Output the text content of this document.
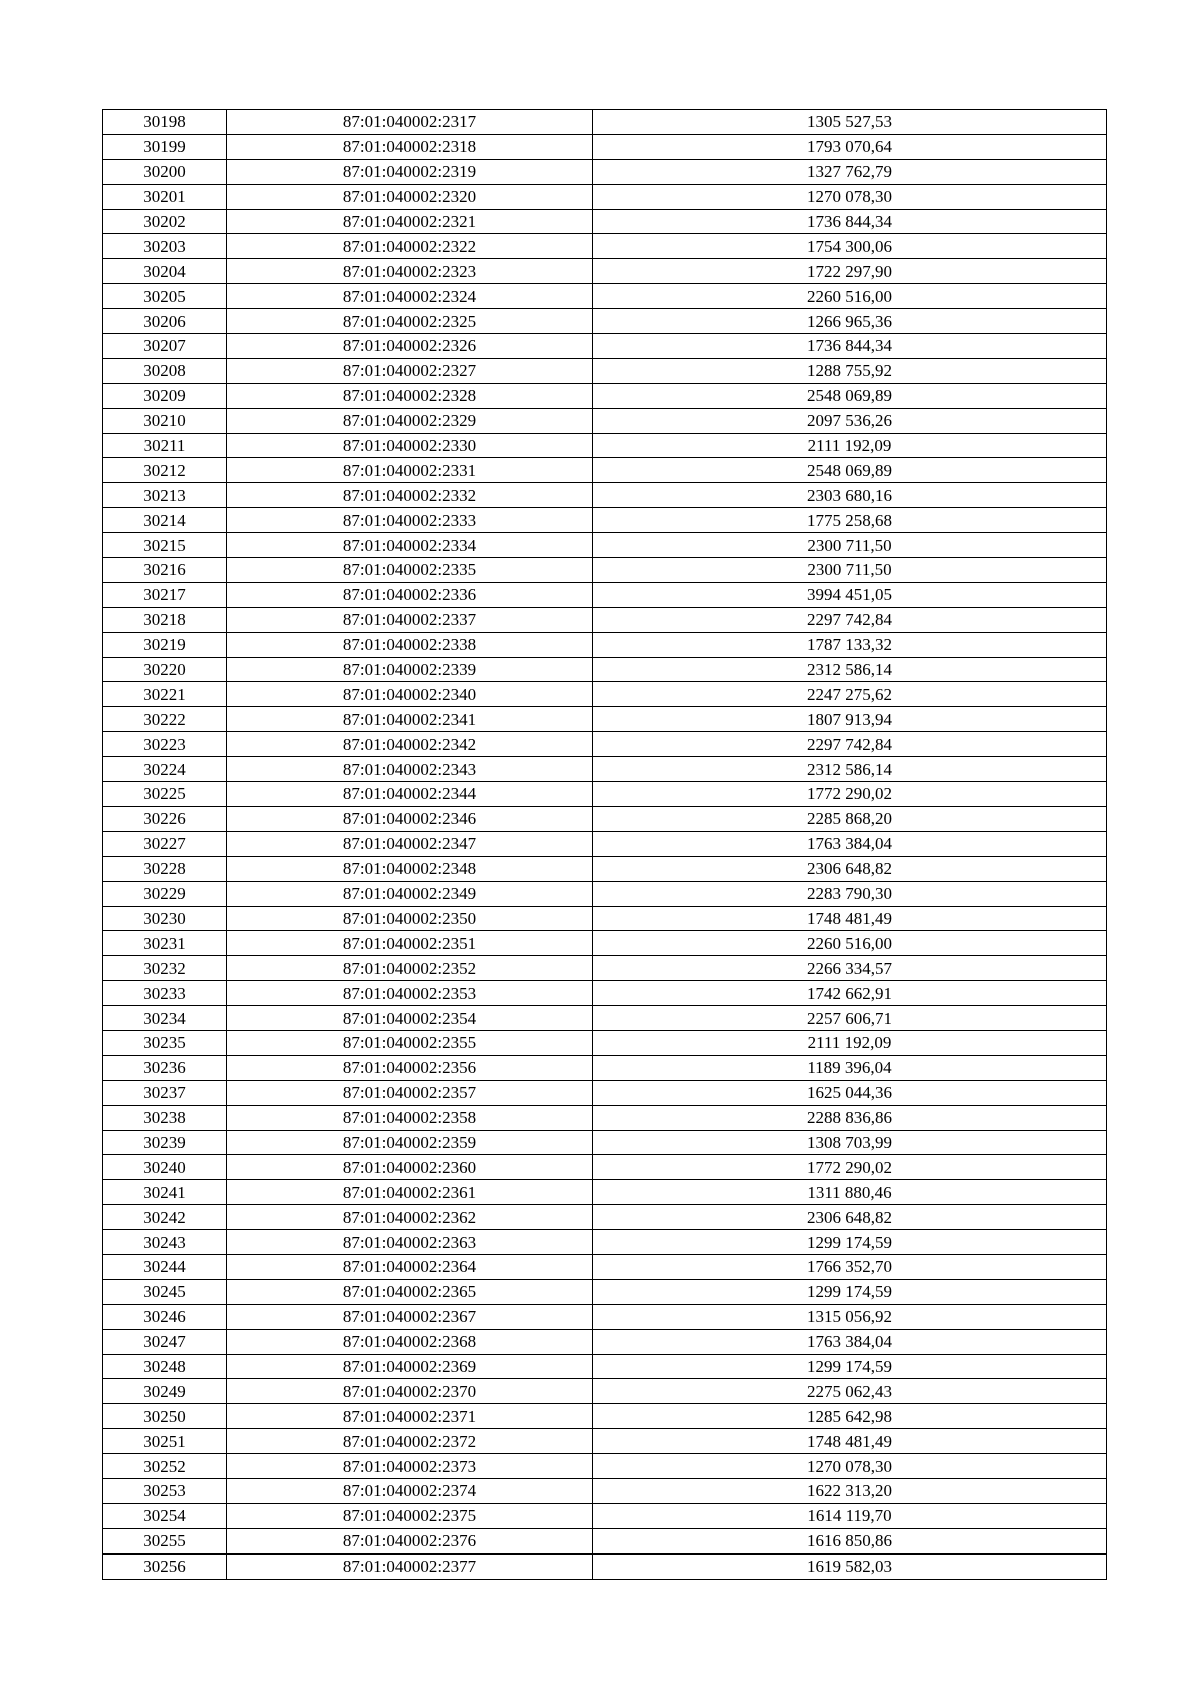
30198	87:01:040002:2317	1305 527,53
30199	87:01:040002:2318	1793 070,64
30200	87:01:040002:2319	1327 762,79
30201	87:01:040002:2320	1270 078,30
30202	87:01:040002:2321	1736 844,34
30203	87:01:040002:2322	1754 300,06
30204	87:01:040002:2323	1722 297,90
30205	87:01:040002:2324	2260 516,00
30206	87:01:040002:2325	1266 965,36
30207	87:01:040002:2326	1736 844,34
30208	87:01:040002:2327	1288 755,92
30209	87:01:040002:2328	2548 069,89
30210	87:01:040002:2329	2097 536,26
30211	87:01:040002:2330	2111 192,09
30212	87:01:040002:2331	2548 069,89
30213	87:01:040002:2332	2303 680,16
30214	87:01:040002:2333	1775 258,68
30215	87:01:040002:2334	2300 711,50
30216	87:01:040002:2335	2300 711,50
30217	87:01:040002:2336	3994 451,05
30218	87:01:040002:2337	2297 742,84
30219	87:01:040002:2338	1787 133,32
30220	87:01:040002:2339	2312 586,14
30221	87:01:040002:2340	2247 275,62
30222	87:01:040002:2341	1807 913,94
30223	87:01:040002:2342	2297 742,84
30224	87:01:040002:2343	2312 586,14
30225	87:01:040002:2344	1772 290,02
30226	87:01:040002:2346	2285 868,20
30227	87:01:040002:2347	1763 384,04
30228	87:01:040002:2348	2306 648,82
30229	87:01:040002:2349	2283 790,30
30230	87:01:040002:2350	1748 481,49
30231	87:01:040002:2351	2260 516,00
30232	87:01:040002:2352	2266 334,57
30233	87:01:040002:2353	1742 662,91
30234	87:01:040002:2354	2257 606,71
30235	87:01:040002:2355	2111 192,09
30236	87:01:040002:2356	1189 396,04
30237	87:01:040002:2357	1625 044,36
30238	87:01:040002:2358	2288 836,86
30239	87:01:040002:2359	1308 703,99
30240	87:01:040002:2360	1772 290,02
30241	87:01:040002:2361	1311 880,46
30242	87:01:040002:2362	2306 648,82
30243	87:01:040002:2363	1299 174,59
30244	87:01:040002:2364	1766 352,70
30245	87:01:040002:2365	1299 174,59
30246	87:01:040002:2367	1315 056,92
30247	87:01:040002:2368	1763 384,04
30248	87:01:040002:2369	1299 174,59
30249	87:01:040002:2370	2275 062,43
30250	87:01:040002:2371	1285 642,98
30251	87:01:040002:2372	1748 481,49
30252	87:01:040002:2373	1270 078,30
30253	87:01:040002:2374	1622 313,20
30254	87:01:040002:2375	1614 119,70
30255	87:01:040002:2376	1616 850,86
30256	87:01:040002:2377	1619 582,03
